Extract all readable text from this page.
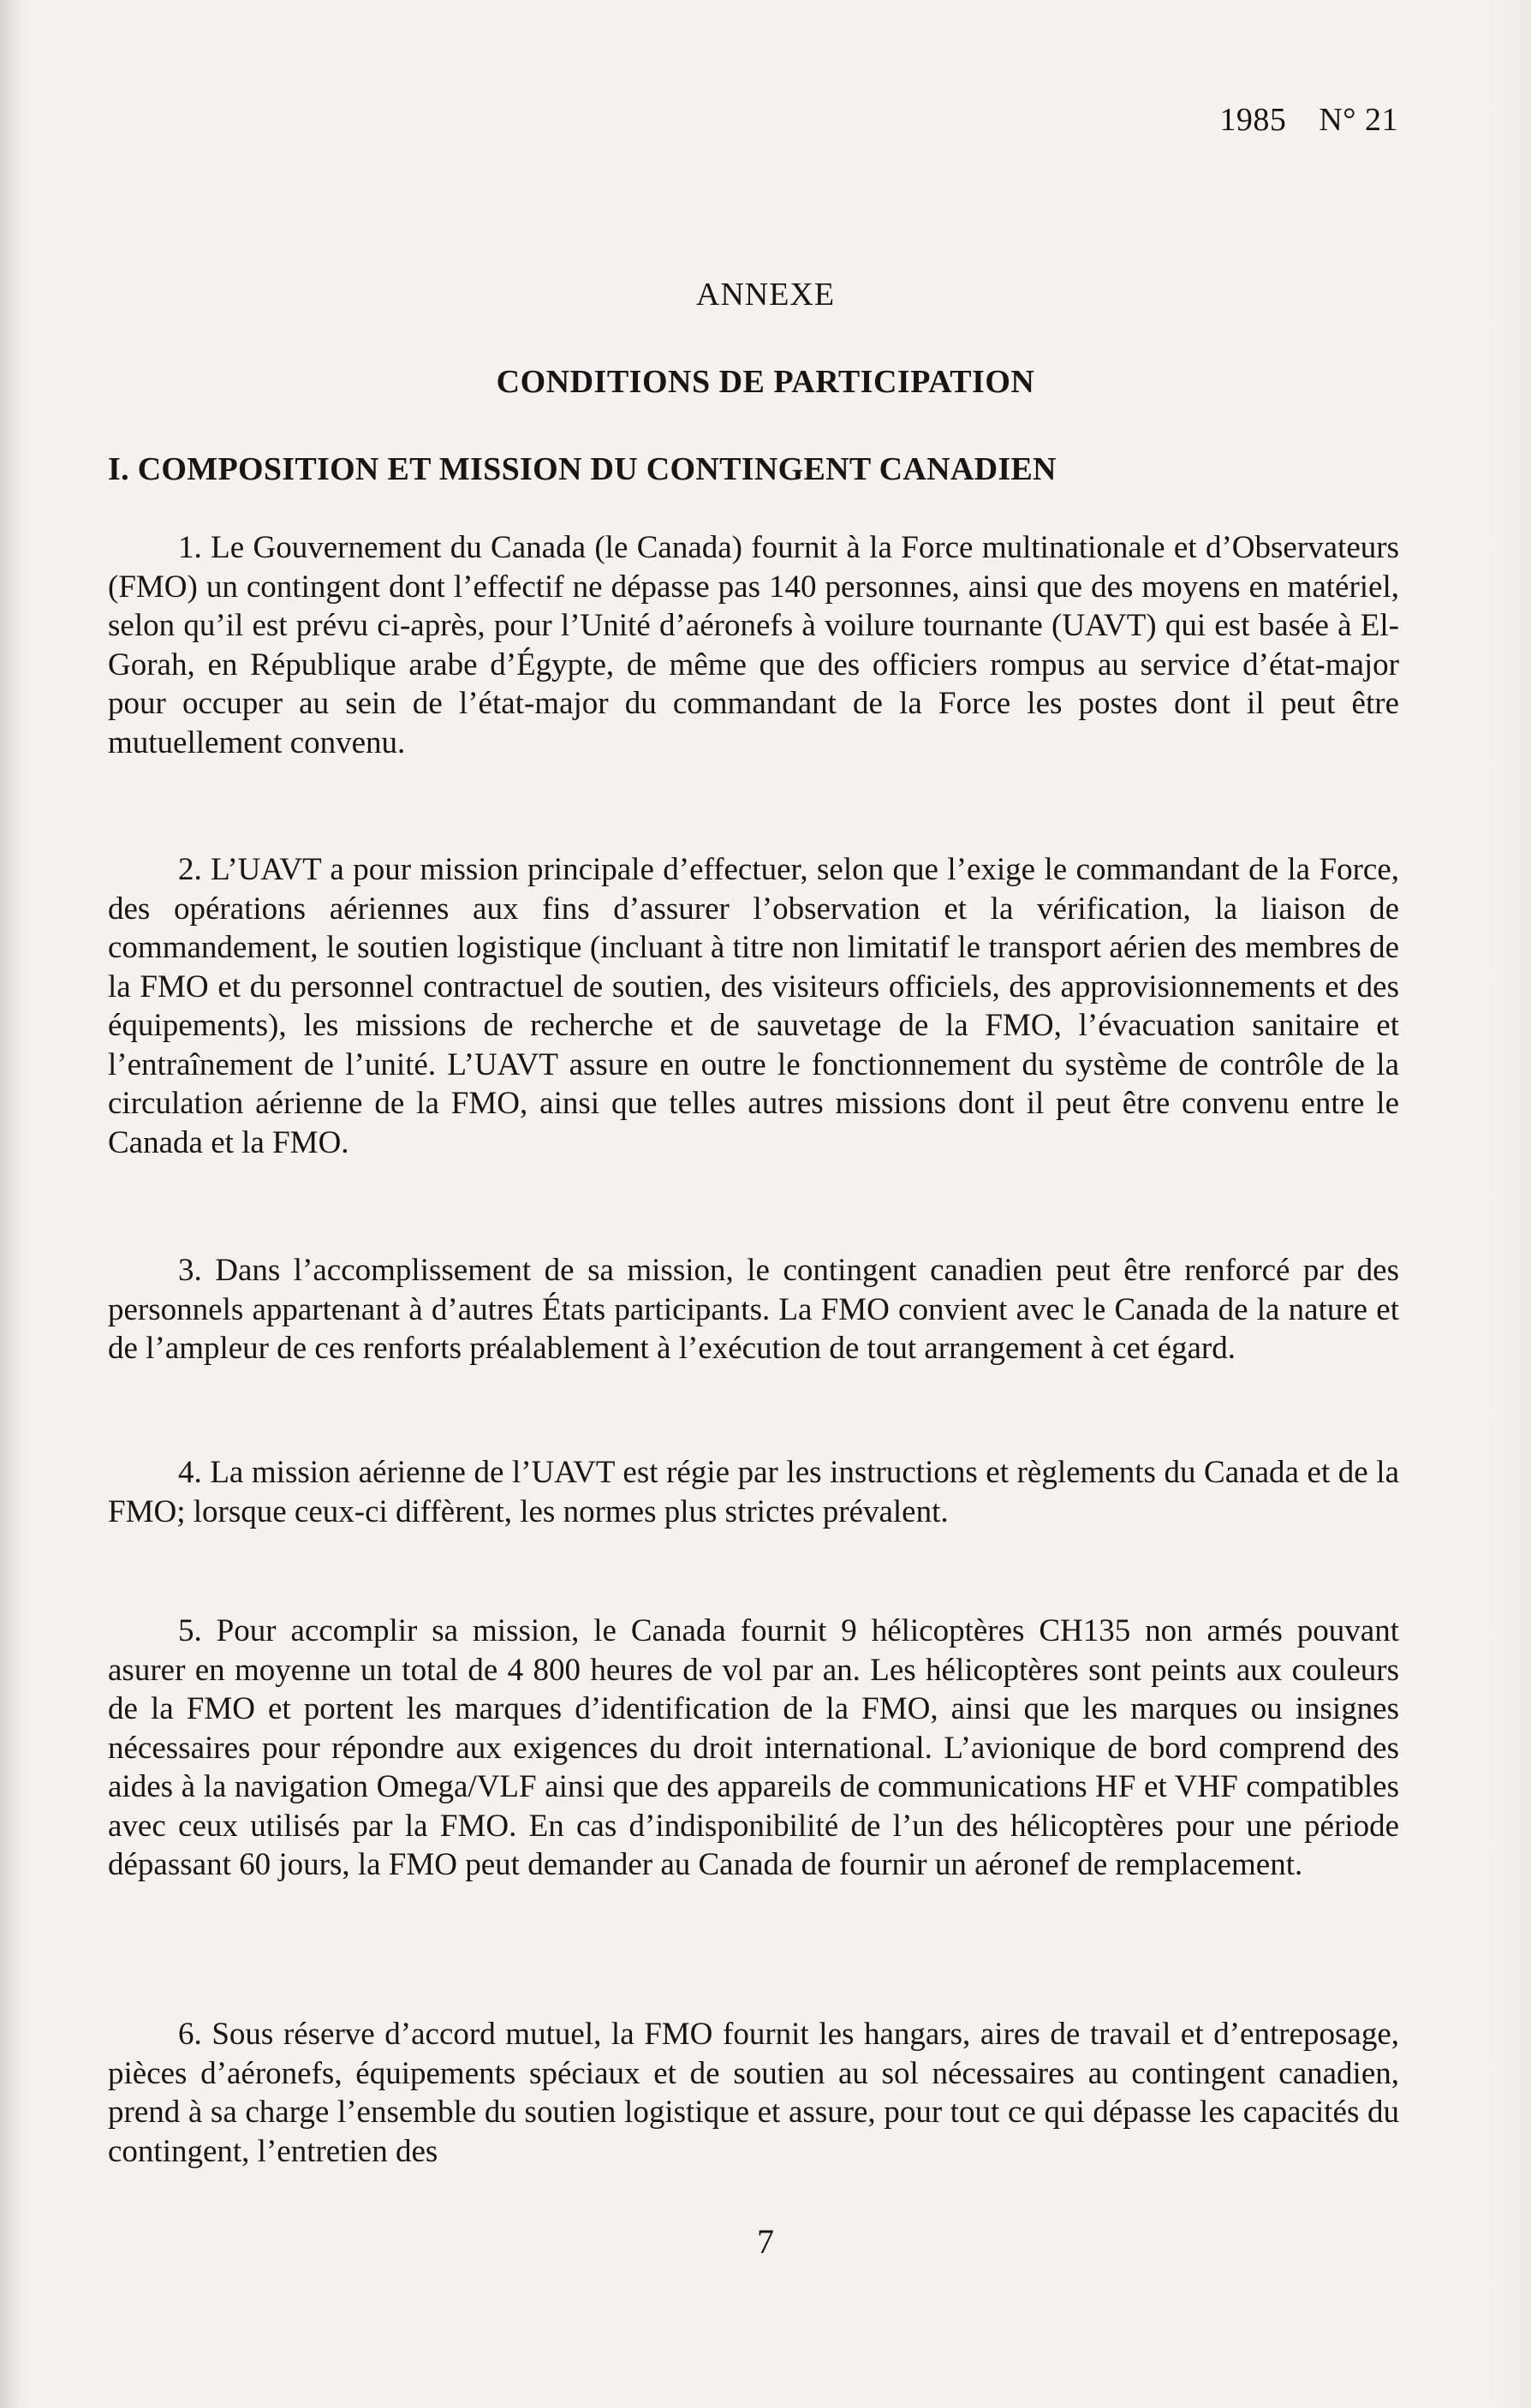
1985 N° 21
ANNEXE
CONDITIONS DE PARTICIPATION
I. COMPOSITION ET MISSION DU CONTINGENT CANADIEN

1. Le Gouvernement du Canada (le Canada) fournit à la Force multinationale et d’Observateurs (FMO) un contingent dont l’effectif ne dépasse pas 140 personnes, ainsi que des moyens en matériel, selon qu’il est prévu ci-après, pour l’Unité d’aéronefs à voilure tournante (UAVT) qui est basée à El-Gorah, en République arabe d’Égypte, de même que des officiers rompus au service d’état-major pour occuper au sein de l’état-major du commandant de la Force les postes dont il peut être mutuellement convenu.

2. L’UAVT a pour mission principale d’effectuer, selon que l’exige le commandant de la Force, des opérations aériennes aux fins d’assurer l’observation et la vérification, la liaison de commandement, le soutien logistique (incluant à titre non limitatif le transport aérien des membres de la FMO et du personnel contractuel de soutien, des visiteurs officiels, des approvisionnements et des équipements), les missions de recherche et de sauvetage de la FMO, l’évacuation sanitaire et l’entraînement de l’unité. L’UAVT assure en outre le fonctionnement du système de contrôle de la circulation aérienne de la FMO, ainsi que telles autres missions dont il peut être convenu entre le Canada et la FMO.

3. Dans l’accomplissement de sa mission, le contingent canadien peut être renforcé par des personnels appartenant à d’autres États participants. La FMO convient avec le Canada de la nature et de l’ampleur de ces renforts préalablement à l’exécution de tout arrangement à cet égard.

4. La mission aérienne de l’UAVT est régie par les instructions et règlements du Canada et de la FMO; lorsque ceux-ci diffèrent, les normes plus strictes prévalent.

5. Pour accomplir sa mission, le Canada fournit 9 hélicoptères CH135 non armés pouvant asurer en moyenne un total de 4 800 heures de vol par an. Les hélicoptères sont peints aux couleurs de la FMO et portent les marques d’identification de la FMO, ainsi que les marques ou insignes nécessaires pour répondre aux exigences du droit international. L’avionique de bord comprend des aides à la navigation Omega/VLF ainsi que des appareils de communications HF et VHF compatibles avec ceux utilisés par la FMO. En cas d’indisponibilité de l’un des hélicoptères pour une période dépassant 60 jours, la FMO peut demander au Canada de fournir un aéronef de remplacement.

6. Sous réserve d’accord mutuel, la FMO fournit les hangars, aires de travail et d’entreposage, pièces d’aéronefs, équipements spéciaux et de soutien au sol nécessaires au contingent canadien, prend à sa charge l’ensemble du soutien logistique et assure, pour tout ce qui dépasse les capacités du contingent, l’entretien des

7
